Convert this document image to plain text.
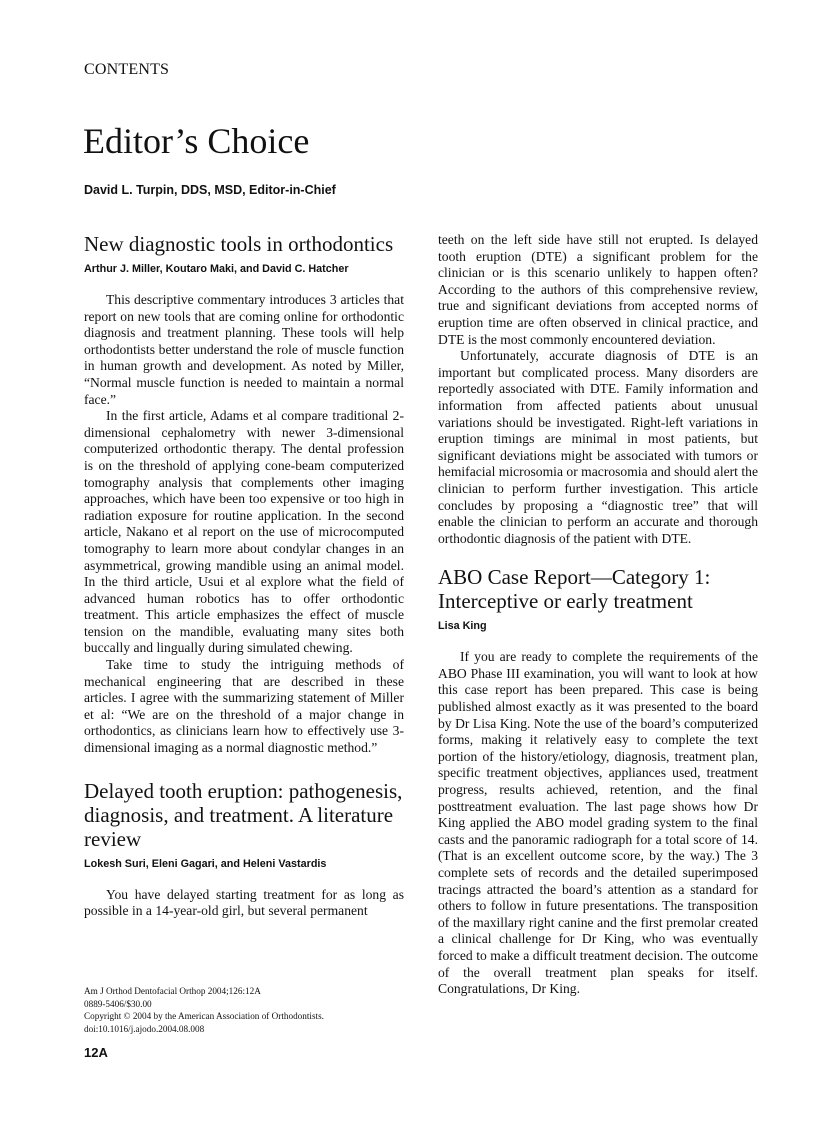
CONTENTS
Editor’s Choice
David L. Turpin, DDS, MSD, Editor-in-Chief
New diagnostic tools in orthodontics
Arthur J. Miller, Koutaro Maki, and David C. Hatcher

This descriptive commentary introduces 3 articles that report on new tools that are coming online for orthodontic diagnosis and treatment planning. These tools will help orthodontists better understand the role of muscle function in human growth and development. As noted by Miller, “Normal muscle function is needed to maintain a normal face.”

In the first article, Adams et al compare traditional 2-dimensional cephalometry with newer 3-dimensional computerized orthodontic therapy. The dental profession is on the threshold of applying cone-beam computerized tomography analysis that complements other imaging approaches, which have been too expensive or too high in radiation exposure for routine application. In the second article, Nakano et al report on the use of microcomputed tomography to learn more about condylar changes in an asymmetrical, growing mandible using an animal model. In the third article, Usui et al explore what the field of advanced human robotics has to offer orthodontic treatment. This article emphasizes the effect of muscle tension on the mandible, evaluating many sites both buccally and lingually during simulated chewing.

Take time to study the intriguing methods of mechanical engineering that are described in these articles. I agree with the summarizing statement of Miller et al: “We are on the threshold of a major change in orthodontics, as clinicians learn how to effectively use 3-dimensional imaging as a normal diagnostic method.”

Delayed tooth eruption: pathogenesis, diagnosis, and treatment. A literature review
Lokesh Suri, Eleni Gagari, and Heleni Vastardis

You have delayed starting treatment for as long as possible in a 14-year-old girl, but several permanent

teeth on the left side have still not erupted. Is delayed tooth eruption (DTE) a significant problem for the clinician or is this scenario unlikely to happen often? According to the authors of this comprehensive review, true and significant deviations from accepted norms of eruption time are often observed in clinical practice, and DTE is the most commonly encountered deviation.

Unfortunately, accurate diagnosis of DTE is an important but complicated process. Many disorders are reportedly associated with DTE. Family information and information from affected patients about unusual variations should be investigated. Right-left variations in eruption timings are minimal in most patients, but significant deviations might be associated with tumors or hemifacial microsomia or macrosomia and should alert the clinician to perform further investigation. This article concludes by proposing a “diagnostic tree” that will enable the clinician to perform an accurate and thorough orthodontic diagnosis of the patient with DTE.

ABO Case Report—Category 1: Interceptive or early treatment
Lisa King

If you are ready to complete the requirements of the ABO Phase III examination, you will want to look at how this case report has been prepared. This case is being published almost exactly as it was presented to the board by Dr Lisa King. Note the use of the board’s computerized forms, making it relatively easy to complete the text portion of the history/etiology, diagnosis, treatment plan, specific treatment objectives, appliances used, treatment progress, results achieved, retention, and the final posttreatment evaluation. The last page shows how Dr King applied the ABO model grading system to the final casts and the panoramic radiograph for a total score of 14. (That is an excellent outcome score, by the way.) The 3 complete sets of records and the detailed superimposed tracings attracted the board’s attention as a standard for others to follow in future presentations. The transposition of the maxillary right canine and the first premolar created a clinical challenge for Dr King, who was eventually forced to make a difficult treatment decision. The outcome of the overall treatment plan speaks for itself. Congratulations, Dr King.

Am J Orthod Dentofacial Orthop 2004;126:12A
0889-5406/$30.00
Copyright © 2004 by the American Association of Orthodontists.
doi:10.1016/j.ajodo.2004.08.008
12A
